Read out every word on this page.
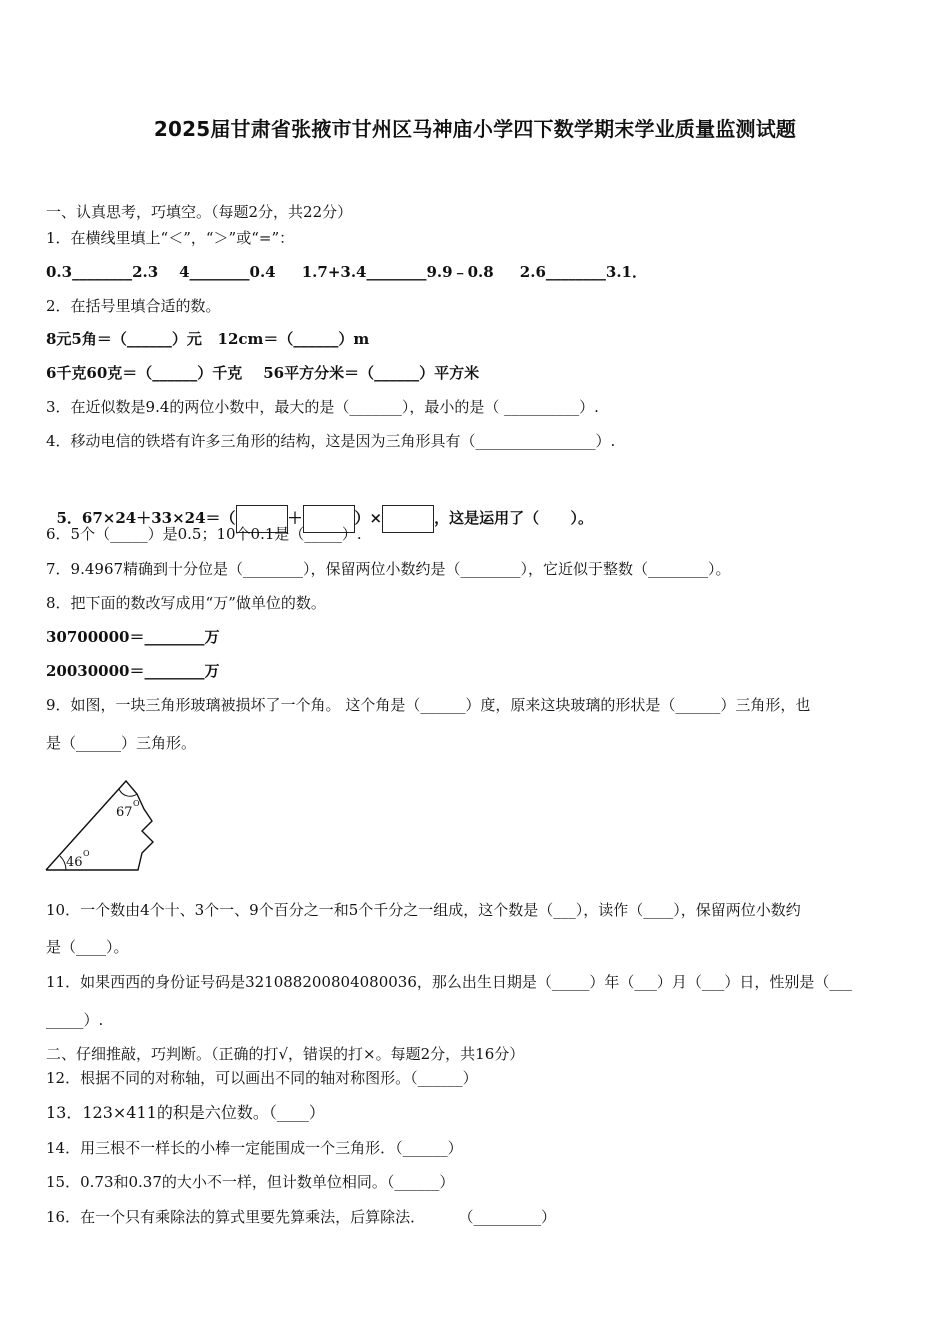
2025届甘肃省张掖市甘州区马神庙小学四下数学期末学业质量监测试题
一、认真思考，巧填空。（每题2分，共22分）
1．在横线里填上“＜”，“＞”或“=”：
0.3________2.3    4________0.4     1.7+3.4________9.9﹣0.8     2.6________3.1．
2．在括号里填合适的数。
8元5角＝（______）元   12cm＝（______）m
6千克60克＝（______）千克    56平方分米＝（______）平方米
3．在近似数是9.4的两位小数中，最大的是（_______），最小的是（ __________）.
4．移动电信的铁塔有许多三角形的结构，这是因为三角形具有（________________）.

5．67×24＋33×24＝（	＋	）×	，这是运用了（      ）。

6．5个（_____）是0.5；10个0.1是（_____）.
7．9.4967精确到十分位是（________），保留两位小数约是（________），它近似于整数（________）。
8．把下面的数改写成用“万”做单位的数。
30700000＝________万
20030000＝________万
9．如图，一块三角形玻璃被损坏了一个角。 这个角是（______）度，原来这块玻璃的形状是（______）三角形，也
是（______）三角形。
67
O
46
O
10．一个数由4个十、3个一、9个百分之一和5个千分之一组成，这个数是（___），读作（____），保留两位小数约
是（____）。
11．如果西西的身份证号码是321088200804080036，那么出生日期是（_____）年（___）月（___）日，性别是（___
_____）.
二、仔细推敲，巧判断。（正确的打√，错误的打×。每题2分，共16分）
12．根据不同的对称轴，可以画出不同的轴对称图形。（______）
13．123×411的积是六位数。（____）
14．用三根不一样长的小棒一定能围成一个三角形．（______）
15．0.73和0.37的大小不一样，但计数单位相同。（______）
16．在一个只有乘除法的算式里要先算乘法，后算除法．       （_________）
